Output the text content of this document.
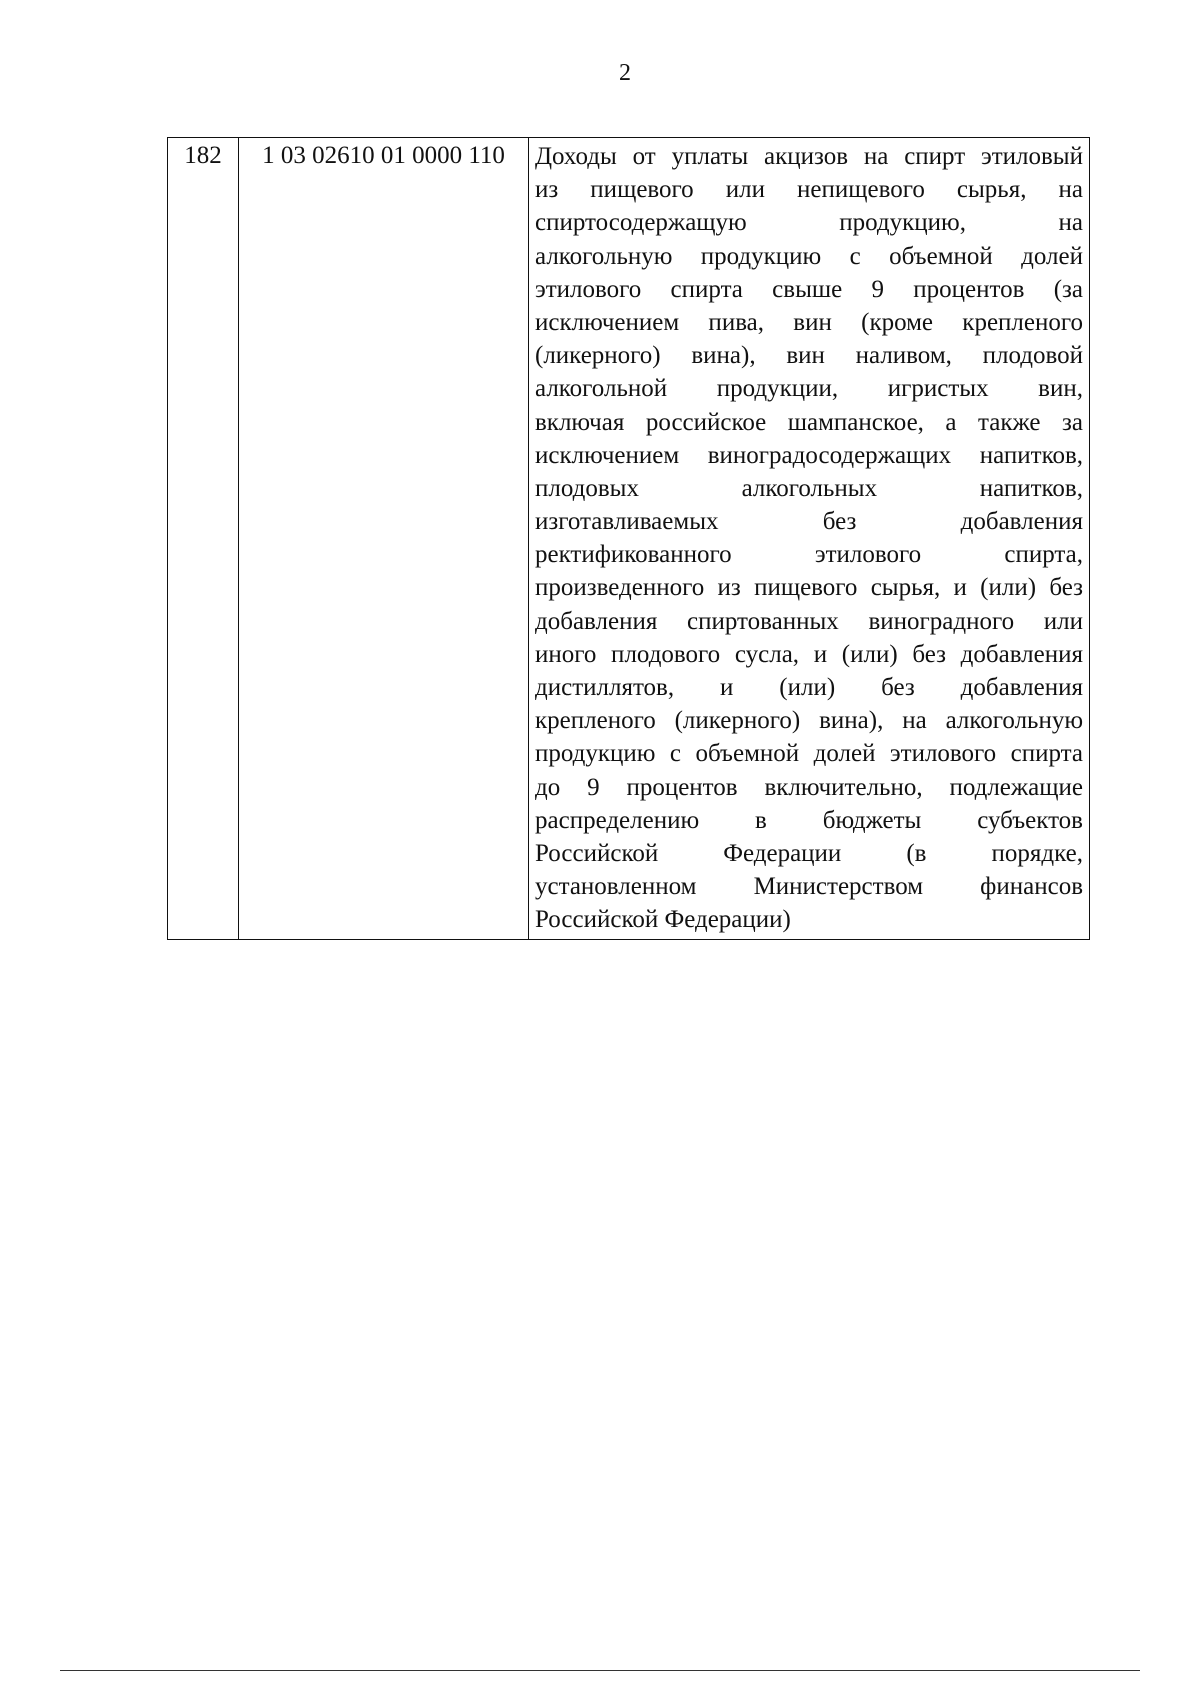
2
182	1 03 02610 01 0000 110	Доходы от уплаты акцизов на спирт этиловый
из пищевого или непищевого сырья, на
спиртосодержащую продукцию, на
алкогольную продукцию с объемной долей
этилового спирта свыше 9 процентов (за
исключением пива, вин (кроме крепленого
(ликерного) вина), вин наливом, плодовой
алкогольной продукции, игристых вин,
включая российское шампанское, а также за
исключением виноградосодержащих напитков,
плодовых алкогольных напитков,
изготавливаемых без добавления
ректификованного этилового спирта,
произведенного из пищевого сырья, и (или) без
добавления спиртованных виноградного или
иного плодового сусла, и (или) без добавления
дистиллятов, и (или) без добавления
крепленого (ликерного) вина), на алкогольную
продукцию с объемной долей этилового спирта
до 9 процентов включительно, подлежащие
распределению в бюджеты субъектов
Российской Федерации (в порядке,
установленном Министерством финансов
Российской Федерации)
